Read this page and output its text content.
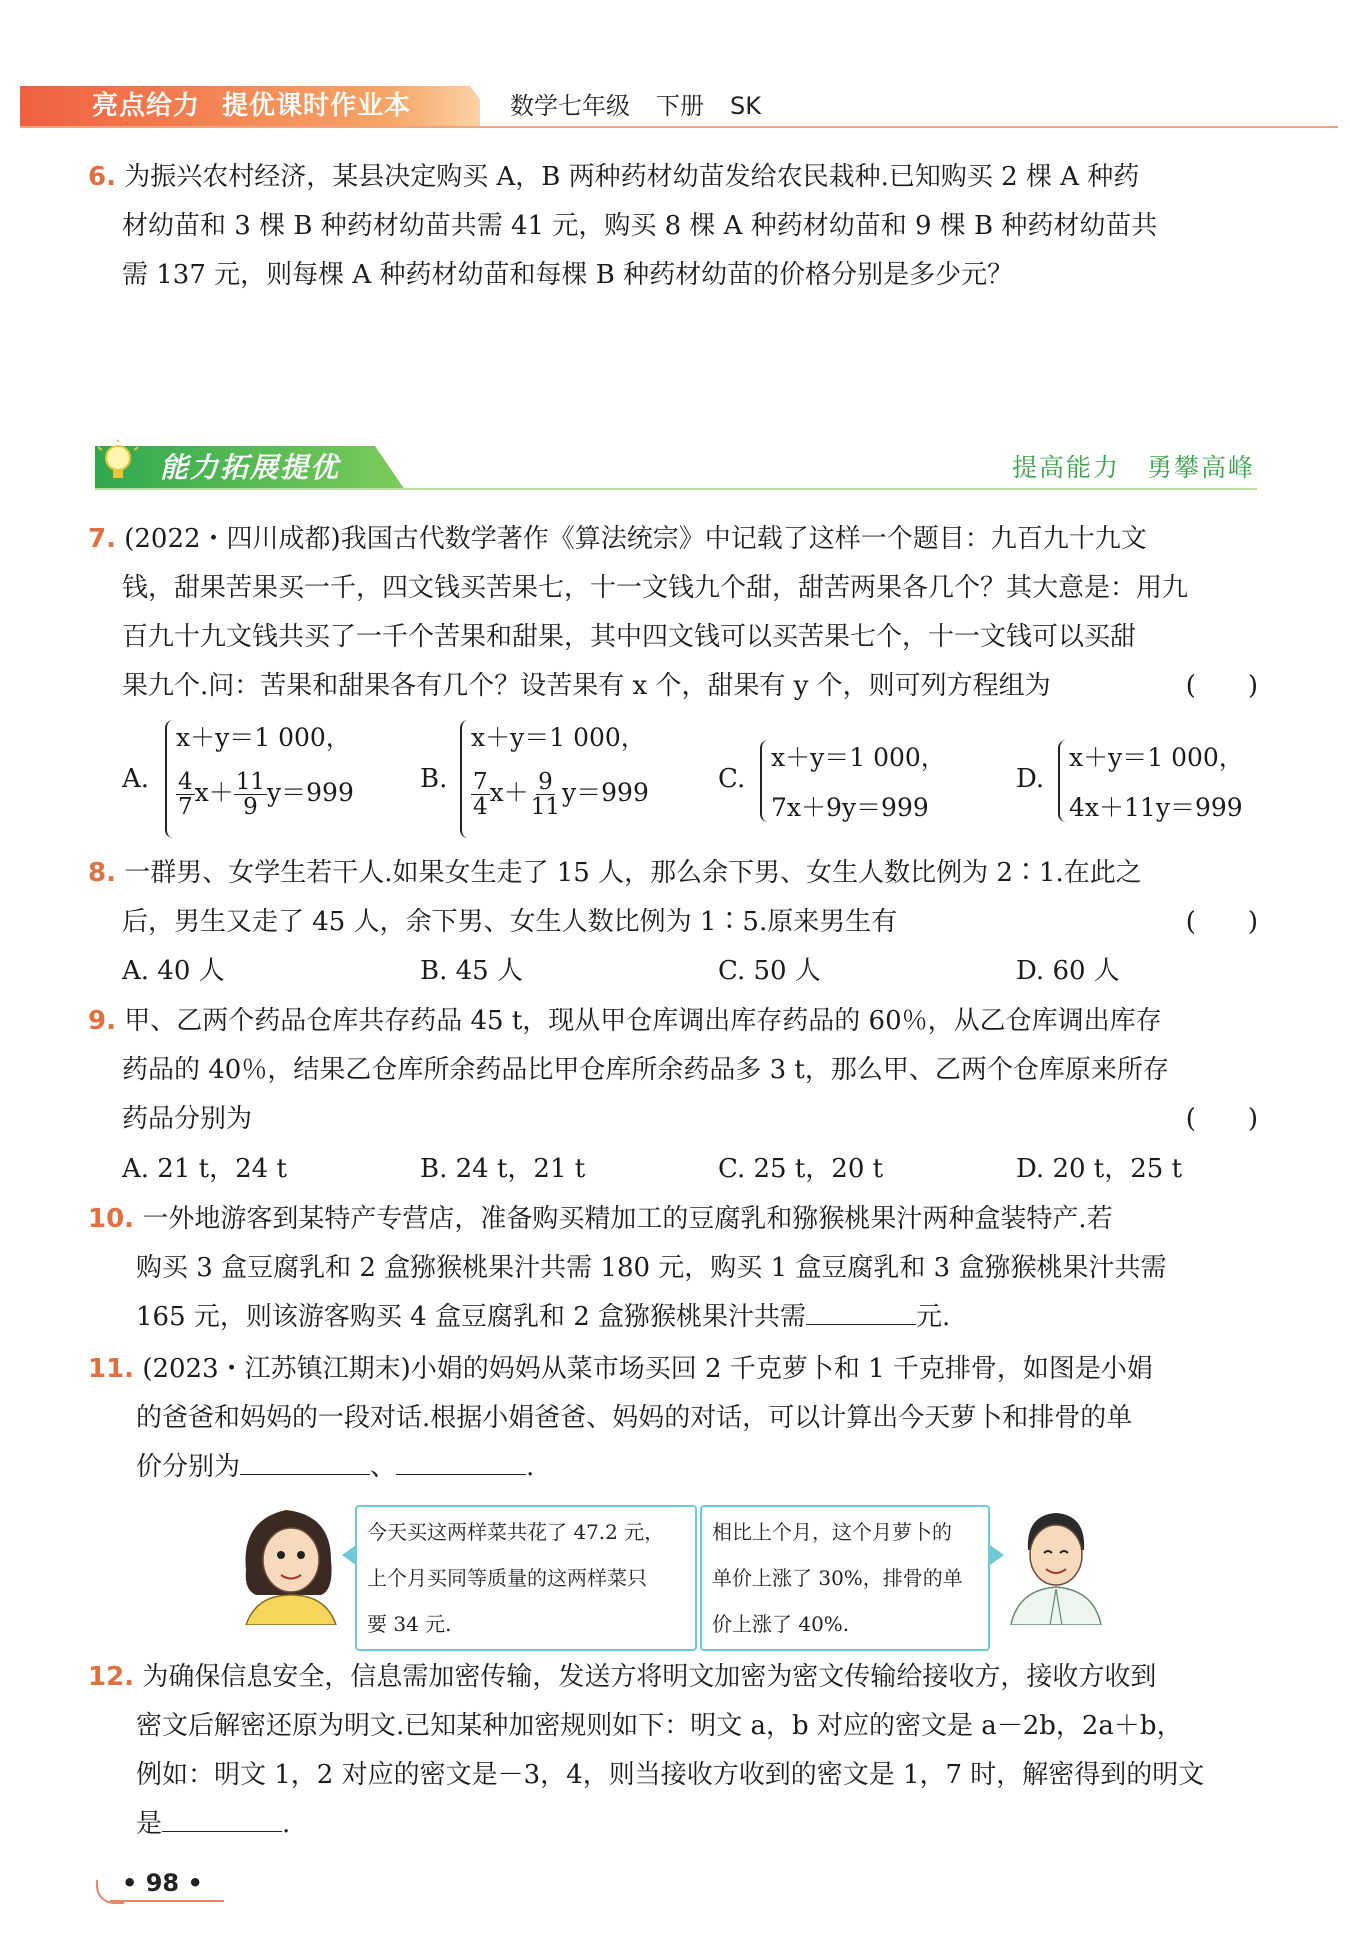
亮点给力 提优课时作业本	数学七年级 下册 SK
6. 为振兴农村经济，某县决定购买 A，B 两种药材幼苗发给农民栽种.已知购买 2 棵 A 种药
材幼苗和 3 棵 B 种药材幼苗共需 41 元，购买 8 棵 A 种药材幼苗和 9 棵 B 种药材幼苗共
需 137 元，则每棵 A 种药材幼苗和每棵 B 种药材幼苗的价格分别是多少元？
能力拓展提优	提高能力　勇攀高峰
7. (2022・四川成都)我国古代数学著作《算法统宗》中记载了这样一个题目：九百九十九文
钱，甜果苦果买一千，四文钱买苦果七，十一文钱九个甜，甜苦两果各几个？其大意是：用九
百九十九文钱共买了一千个苦果和甜果，其中四文钱可以买苦果七个，十一文钱可以买甜
果九个.问：苦果和甜果各有几个？设苦果有 x 个，甜果有 y 个，则可列方程组为	(　　)
A.
x＋y＝1 000，
$\frac{4}{7} x+ \frac{11}{9} y=999$	B.
x＋y＝1 000，
$\frac{7}{4} x+ \frac{9}{11} y=999$	C.
x＋y＝1 000，
7x＋9y＝999
D.
x＋y＝1 000，
4x＋11y＝999
8. 一群男、女学生若干人.如果女生走了 15 人，那么余下男、女生人数比例为 2∶1.在此之
后，男生又走了 45 人，余下男、女生人数比例为 1∶5.原来男生有	(　　)
A. 40 人	B. 45 人	C. 50 人	D. 60 人
9. 甲、乙两个药品仓库共存药品 45 t，现从甲仓库调出库存药品的 60％，从乙仓库调出库存
药品的 40％，结果乙仓库所余药品比甲仓库所余药品多 3 t，那么甲、乙两个仓库原来所存
药品分别为	(　　)
A. 21 t，24 t	B. 24 t，21 t	C. 25 t，20 t	D. 20 t，25 t
10. 一外地游客到某特产专营店，准备购买精加工的豆腐乳和猕猴桃果汁两种盒装特产.若
购买 3 盒豆腐乳和 2 盒猕猴桃果汁共需 180 元，购买 1 盒豆腐乳和 3 盒猕猴桃果汁共需
165 元，则该游客购买 4 盒豆腐乳和 2 盒猕猴桃果汁共需	元.
11. (2023・江苏镇江期末)小娟的妈妈从菜市场买回 2 千克萝卜和 1 千克排骨，如图是小娟
的爸爸和妈妈的一段对话.根据小娟爸爸、妈妈的对话，可以计算出今天萝卜和排骨的单
价分别为	、	.
今天买这两样菜共花了 47.2 元，
上个月买同等质量的这两样菜只
要 34 元.
相比上个月，这个月萝卜的
单价上涨了 30%，排骨的单
价上涨了 40%.
12. 为确保信息安全，信息需加密传输，发送方将明文加密为密文传输给接收方，接收方收到
密文后解密还原为明文.已知某种加密规则如下：明文 a，b 对应的密文是 a－2b，2a＋b，
例如：明文 1，2 对应的密文是－3，4，则当接收方收到的密文是 1，7 时，解密得到的明文
是	.
• 98 •
